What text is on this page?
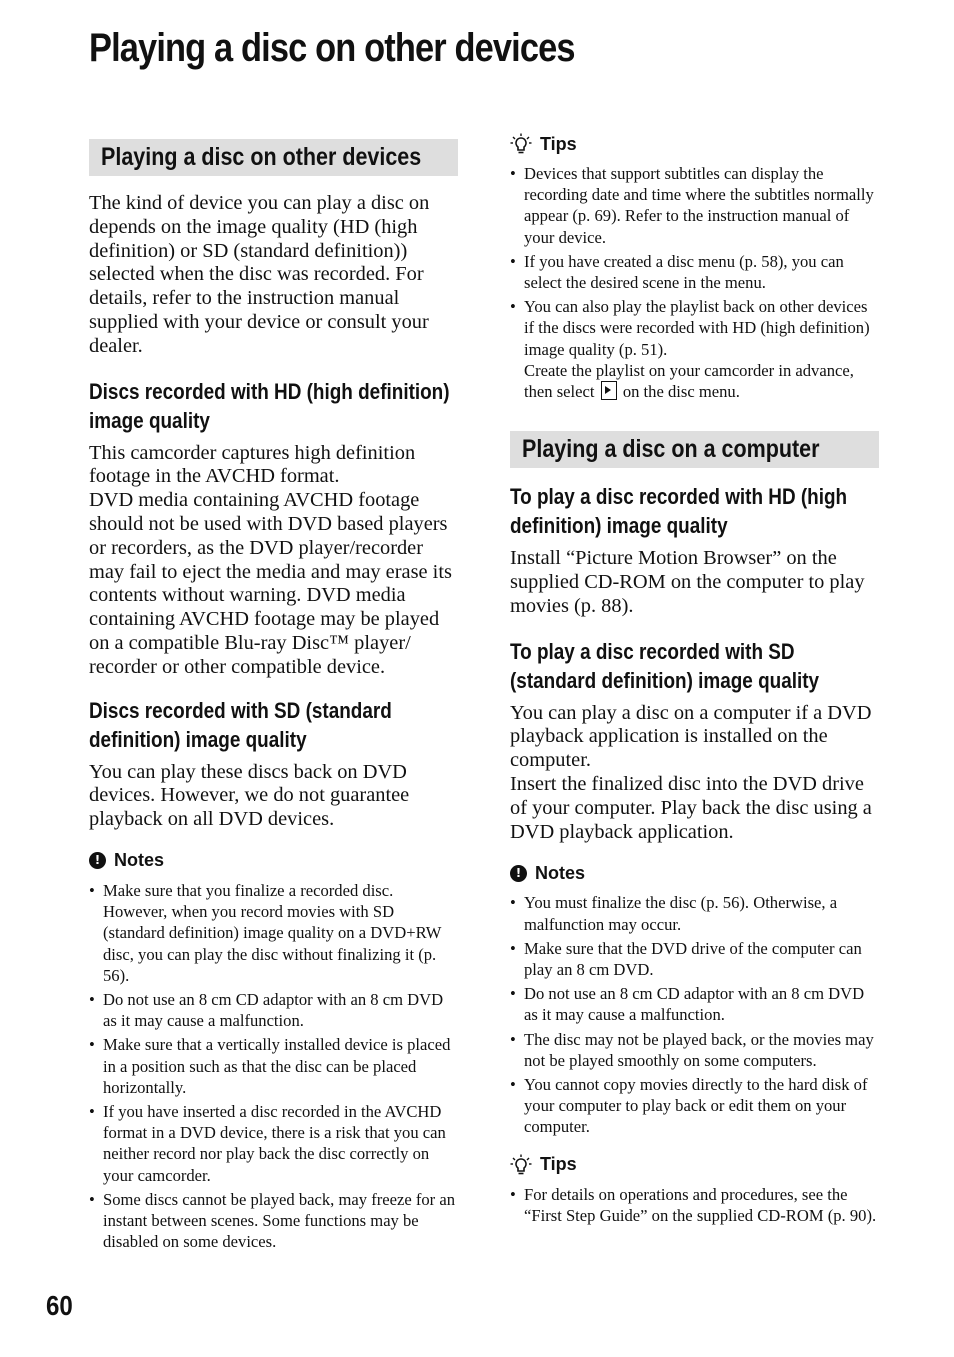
Playing a disc on other devices
Playing a disc on other devices

The kind of device you can play a disc on depends on the image quality (HD (high definition) or SD (standard definition)) selected when the disc was recorded. For details, refer to the instruction manual supplied with your device or consult your dealer.

Discs recorded with HD (high definition) image quality

This camcorder captures high definition footage in the AVCHD format.

DVD media containing AVCHD footage should not be used with DVD based players or recorders, as the DVD player/recorder may fail to eject the media and may erase its contents without warning. DVD media containing AVCHD footage may be played on a compatible Blu-ray Disc™ player/ recorder or other compatible device.

Discs recorded with SD (standard definition) image quality

You can play these discs back on DVD devices. However, we do not guarantee playback on all DVD devices.

! Notes
• Make sure that you finalize a recorded disc. However, when you record movies with SD (standard definition) image quality on a DVD+RW disc, you can play the disc without finalizing it (p. 56).
• Do not use an 8 cm CD adaptor with an 8 cm DVD as it may cause a malfunction.
• Make sure that a vertically installed device is placed in a position such as that the disc can be placed horizontally.
• If you have inserted a disc recorded in the AVCHD format in a DVD device, there is a risk that you can neither record nor play back the disc correctly on your camcorder.
• Some discs cannot be played back, may freeze for an instant between scenes. Some functions may be disabled on some devices.
Tips
• Devices that support subtitles can display the recording date and time where the subtitles normally appear (p. 69). Refer to the instruction manual of your device.
• If you have created a disc menu (p. 58), you can select the desired scene in the menu.
• You can also play the playlist back on other devices if the discs were recorded with HD (high definition) image quality (p. 51).
Create the playlist on your camcorder in advance, then select on the disc menu.
Playing a disc on a computer
To play a disc recorded with HD (high definition) image quality

Install “Picture Motion Browser” on the supplied CD-ROM on the computer to play movies (p. 88).

To play a disc recorded with SD (standard definition) image quality

You can play a disc on a computer if a DVD playback application is installed on the computer.

Insert the finalized disc into the DVD drive of your computer. Play back the disc using a DVD playback application.

! Notes
• You must finalize the disc (p. 56). Otherwise, a malfunction may occur.
• Make sure that the DVD drive of the computer can play an 8 cm DVD.
• Do not use an 8 cm CD adaptor with an 8 cm DVD as it may cause a malfunction.
• The disc may not be played back, or the movies may not be played smoothly on some computers.
• You cannot copy movies directly to the hard disk of your computer to play back or edit them on your computer.
Tips
• For details on operations and procedures, see the “First Step Guide” on the supplied CD-ROM (p. 90).
60
